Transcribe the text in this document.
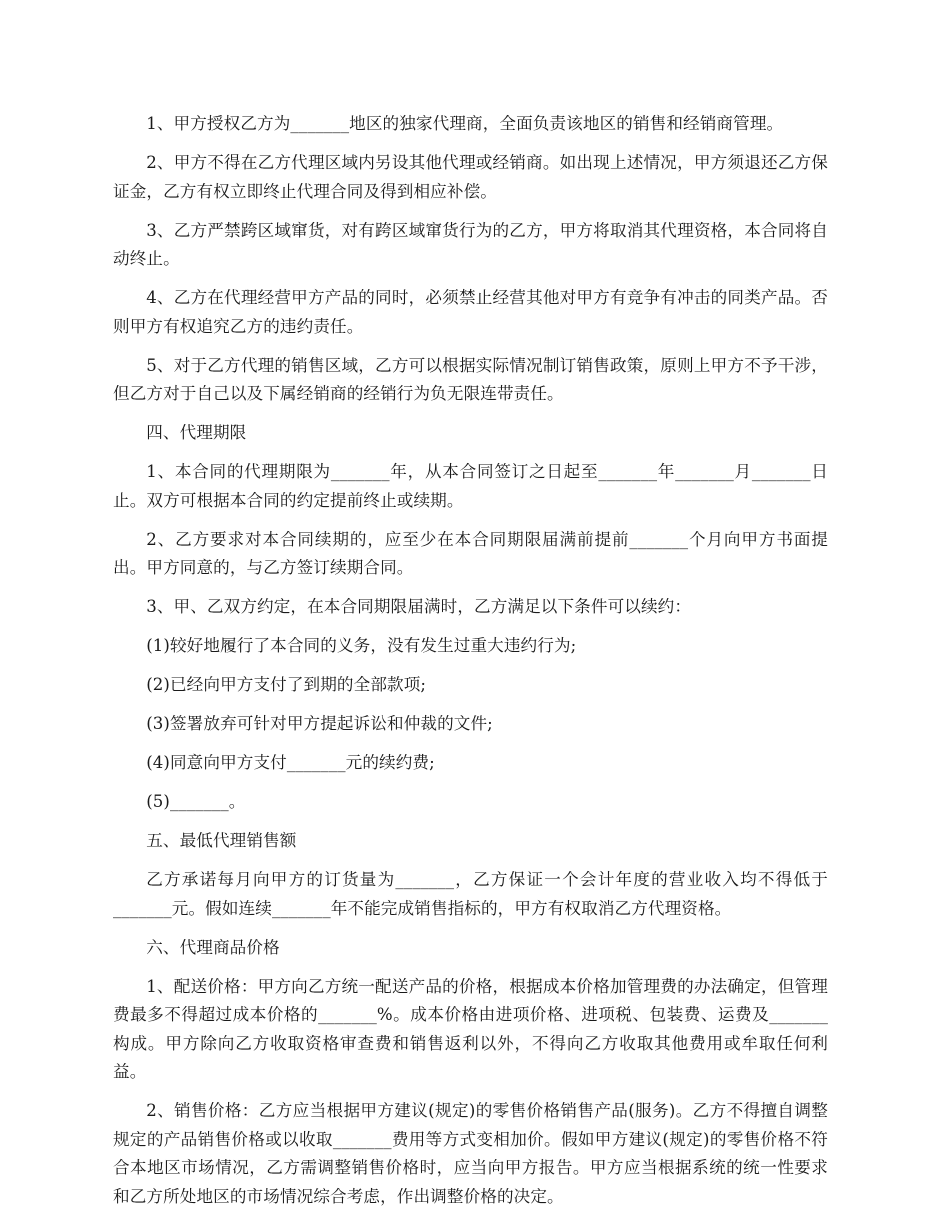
1、甲方授权乙方为_______地区的独家代理商，全面负责该地区的销售和经销商管理。

2、甲方不得在乙方代理区域内另设其他代理或经销商。如出现上述情况，甲方须退还乙方保证金，乙方有权立即终止代理合同及得到相应补偿。

3、乙方严禁跨区域窜货，对有跨区域窜货行为的乙方，甲方将取消其代理资格，本合同将自动终止。

4、乙方在代理经营甲方产品的同时，必须禁止经营其他对甲方有竞争有冲击的同类产品。否则甲方有权追究乙方的违约责任。

5、对于乙方代理的销售区域，乙方可以根据实际情况制订销售政策，原则上甲方不予干涉，但乙方对于自己以及下属经销商的经销行为负无限连带责任。

四、代理期限

1、本合同的代理期限为_______年，从本合同签订之日起至_______年_______月_______日止。双方可根据本合同的约定提前终止或续期。

2、乙方要求对本合同续期的，应至少在本合同期限届满前提前_______个月向甲方书面提出。甲方同意的，与乙方签订续期合同。

3、甲、乙双方约定，在本合同期限届满时，乙方满足以下条件可以续约：

(1)较好地履行了本合同的义务，没有发生过重大违约行为;

(2)已经向甲方支付了到期的全部款项;

(3)签署放弃可针对甲方提起诉讼和仲裁的文件;

(4)同意向甲方支付_______元的续约费;

(5)_______。

五、最低代理销售额

乙方承诺每月向甲方的订货量为_______，乙方保证一个会计年度的营业收入均不得低于_______元。假如连续_______年不能完成销售指标的，甲方有权取消乙方代理资格。

六、代理商品价格

1、配送价格：甲方向乙方统一配送产品的价格，根据成本价格加管理费的办法确定，但管理费最多不得超过成本价格的_______%。成本价格由进项价格、进项税、包装费、运费及_______构成。甲方除向乙方收取资格审查费和销售返利以外，不得向乙方收取其他费用或牟取任何利益。

2、销售价格：乙方应当根据甲方建议(规定)的零售价格销售产品(服务)。乙方不得擅自调整规定的产品销售价格或以收取_______费用等方式变相加价。假如甲方建议(规定)的零售价格不符合本地区市场情况，乙方需调整销售价格时，应当向甲方报告。甲方应当根据系统的统一性要求和乙方所处地区的市场情况综合考虑，作出调整价格的决定。
